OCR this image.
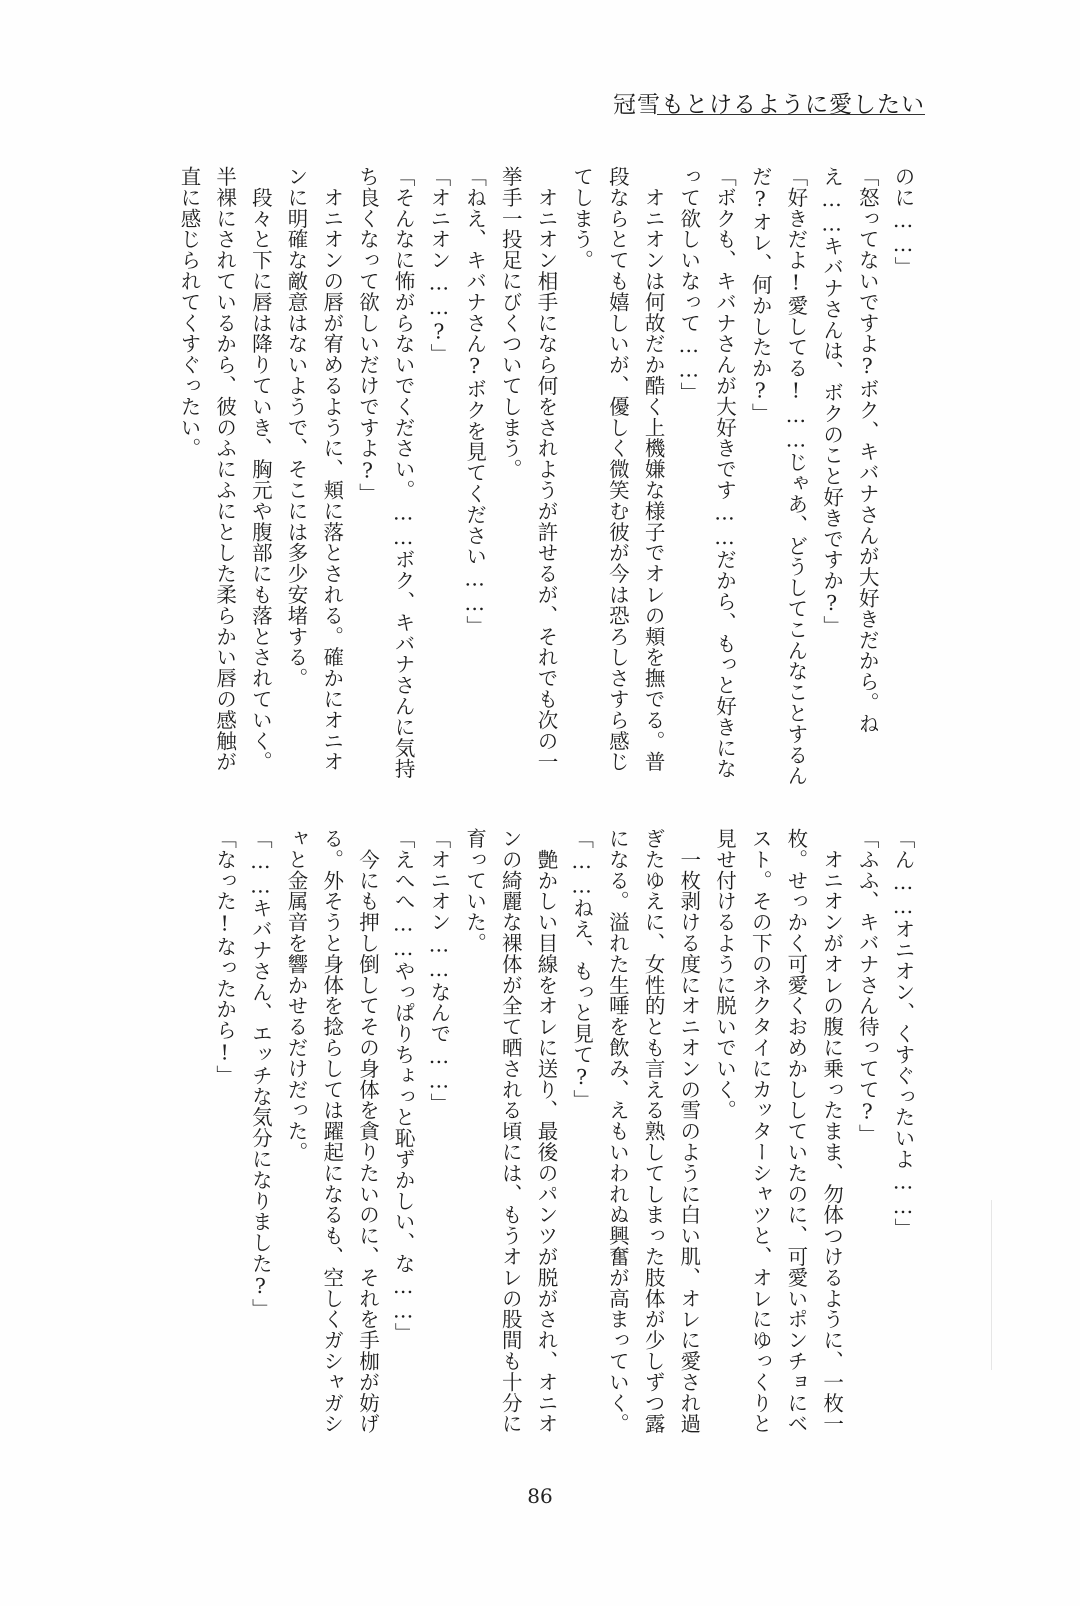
冠雪もとけるように愛したい

のに……」

「怒ってないですよ?ボク、キバナさんが大好きだから。ねえ……キバナさんは、ボクのこと好きですか?」

「好きだよ!愛してる!……じゃあ、どうしてこんなことするんだ?オレ、何かしたか?」

「ボクも、キバナさんが大好きです……だから、もっと好きになって欲しいなって……」

　オニオンは何故だか酷く上機嫌な様子でオレの頬を撫でる。普段ならとても嬉しいが、優しく微笑む彼が今は恐ろしさすら感じてしまう。

　オニオン相手になら何をされようが許せるが、それでも次の一挙手一投足にびくついてしまう。

「ねえ、キバナさん?ボクを見てください……」

「オニオン……?」

「そんなに怖がらないでください。……ボク、キバナさんに気持ち良くなって欲しいだけですよ?」

　オニオンの唇が宥めるように、頬に落とされる。確かにオニオンに明確な敵意はないようで、そこには多少安堵する。

　段々と下に唇は降りていき、胸元や腹部にも落とされていく。半裸にされているから、彼のふにふにとした柔らかい唇の感触が直に感じられてくすぐったい。

「ん……オニオン、くすぐったいよ……」

「ふふ、キバナさん待ってて?」

　オニオンがオレの腹に乗ったまま、勿体つけるように、一枚一枚。せっかく可愛くおめかししていたのに、可愛いポンチョにベスト。その下のネクタイにカッターシャツと、オレにゆっくりと見せ付けるように脱いでいく。

　一枚剥ける度にオニオンの雪のように白い肌、オレに愛され過ぎたゆえに、女性的とも言える熟してしまった肢体が少しずつ露になる。溢れた生唾を飲み、えもいわれぬ興奮が高まっていく。

「……ねえ、もっと見て?」

　艶かしい目線をオレに送り、最後のパンツが脱がされ、オニオンの綺麗な裸体が全て晒される頃には、もうオレの股間も十分に育っていた。

「オニオン……なんで……」

「えへへ……やっぱりちょっと恥ずかしい、な……」

　今にも押し倒してその身体を貪りたいのに、それを手枷が妨げる。外そうと身体を捻らしては躍起になるも、空しくガシャガシャと金属音を響かせるだけだった。

「……キバナさん、エッチな気分になりました?」

「なった!なったから!」

86
